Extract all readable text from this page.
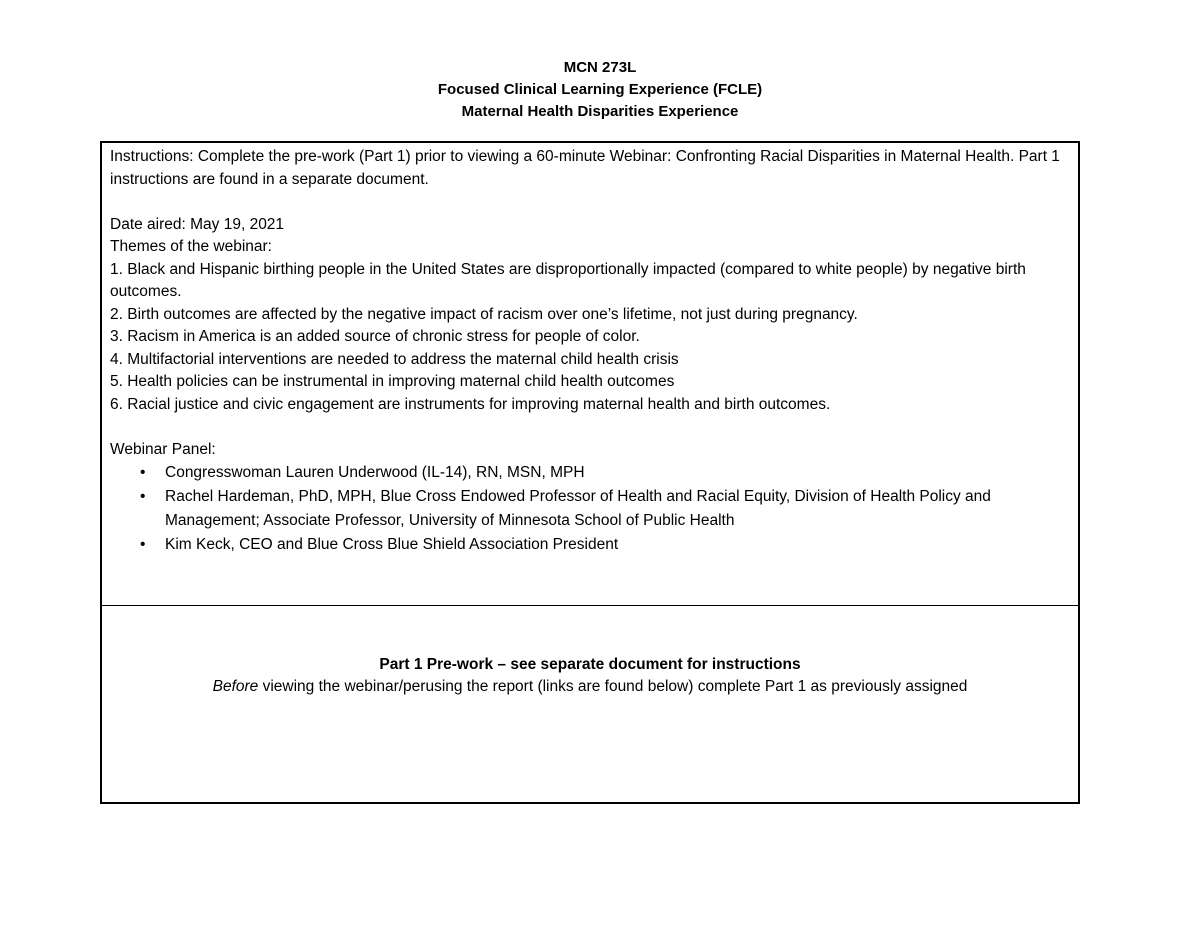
MCN 273L
Focused Clinical Learning Experience (FCLE)
Maternal Health Disparities Experience

Instructions: Complete the pre-work (Part 1) prior to viewing a 60-minute Webinar: Confronting Racial Disparities in Maternal Health. Part 1 instructions are found in a separate document.

Date aired: May 19, 2021

Themes of the webinar:

1. Black and Hispanic birthing people in the United States are disproportionally impacted (compared to white people) by negative birth outcomes.

2. Birth outcomes are affected by the negative impact of racism over one’s lifetime, not just during pregnancy.

3. Racism in America is an added source of chronic stress for people of color.

4. Multifactorial interventions are needed to address the maternal child health crisis

5. Health policies can be instrumental in improving maternal child health outcomes

6. Racial justice and civic engagement are instruments for improving maternal health and birth outcomes.

Webinar Panel:

• Congresswoman Lauren Underwood (IL-14), RN, MSN, MPH
• Rachel Hardeman, PhD, MPH, Blue Cross Endowed Professor of Health and Racial Equity, Division of Health Policy and Management; Associate Professor, University of Minnesota School of Public Health
• Kim Keck, CEO and Blue Cross Blue Shield Association President
Part 1 Pre-work – see separate document for instructions
Before viewing the webinar/perusing the report (links are found below) complete Part 1 as previously assigned
